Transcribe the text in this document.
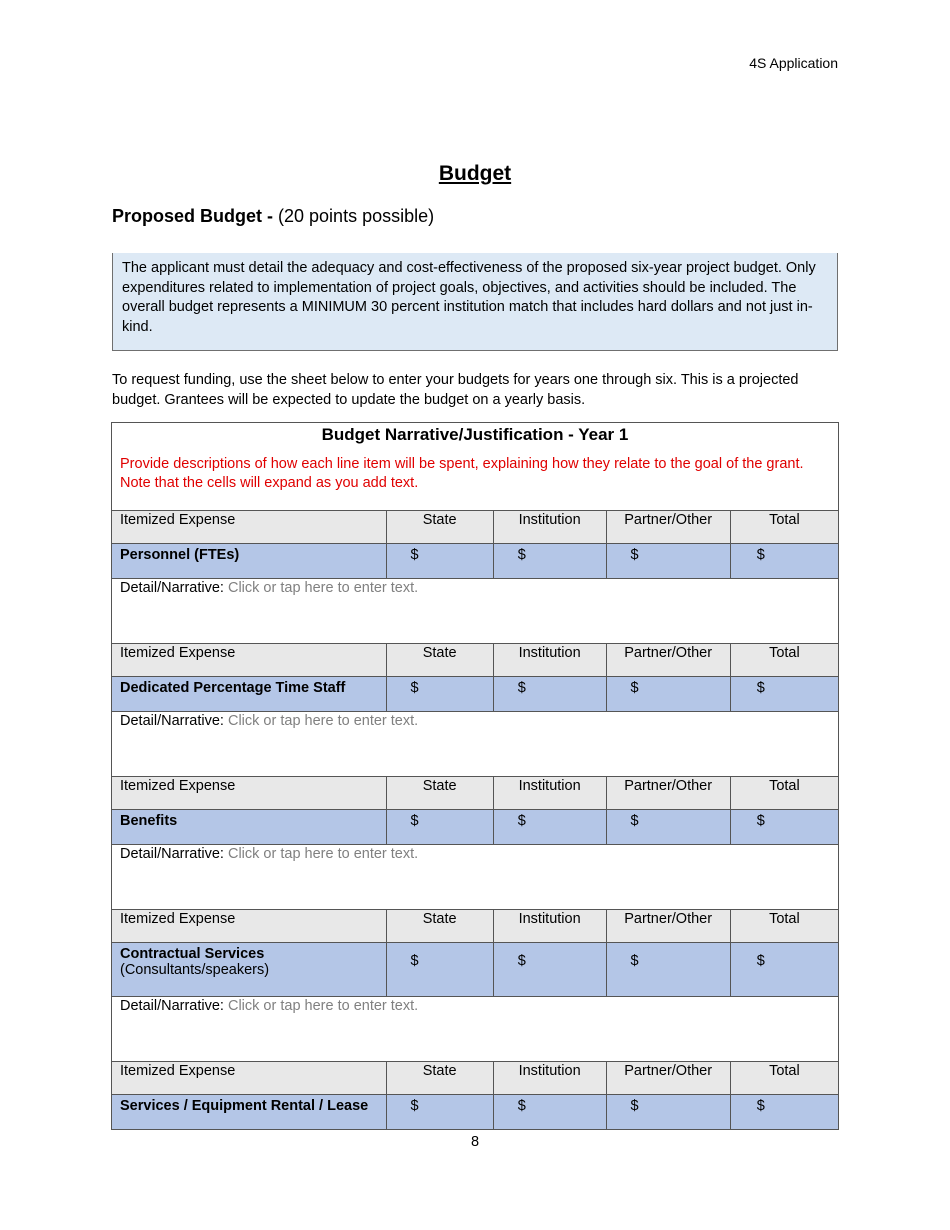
4S Application
Budget
Proposed Budget - (20 points possible)
The applicant must detail the adequacy and cost-effectiveness of the proposed six-year project budget. Only expenditures related to implementation of project goals, objectives, and activities should be included. The overall budget represents a MINIMUM 30 percent institution match that includes hard dollars and not just in-kind.
To request funding, use the sheet below to enter your budgets for years one through six. This is a projected budget. Grantees will be expected to update the budget on a yearly basis.
Budget Narrative/Justification - Year 1
Provide descriptions of how each line item will be spent, explaining how they relate to the goal of the grant. Note that the cells will expand as you add text.				

Itemized Expense	State	Institution	Partner/Other	Total
Personnel (FTEs)	$	$	$	$
Detail/Narrative: Click or tap here to enter text.				
Itemized Expense	State	Institution	Partner/Other	Total
Dedicated Percentage Time Staff	$	$	$	$
Detail/Narrative: Click or tap here to enter text.				
Itemized Expense	State	Institution	Partner/Other	Total
Benefits	$	$	$	$
Detail/Narrative: Click or tap here to enter text.				
Itemized Expense	State	Institution	Partner/Other	Total
Contractual Services
(Consultants/speakers)	$	$	$	$

Detail/Narrative: Click or tap here to enter text.				
Itemized Expense	State	Institution	Partner/Other	Total
Services / Equipment Rental / Lease	$	$	$	$
8
